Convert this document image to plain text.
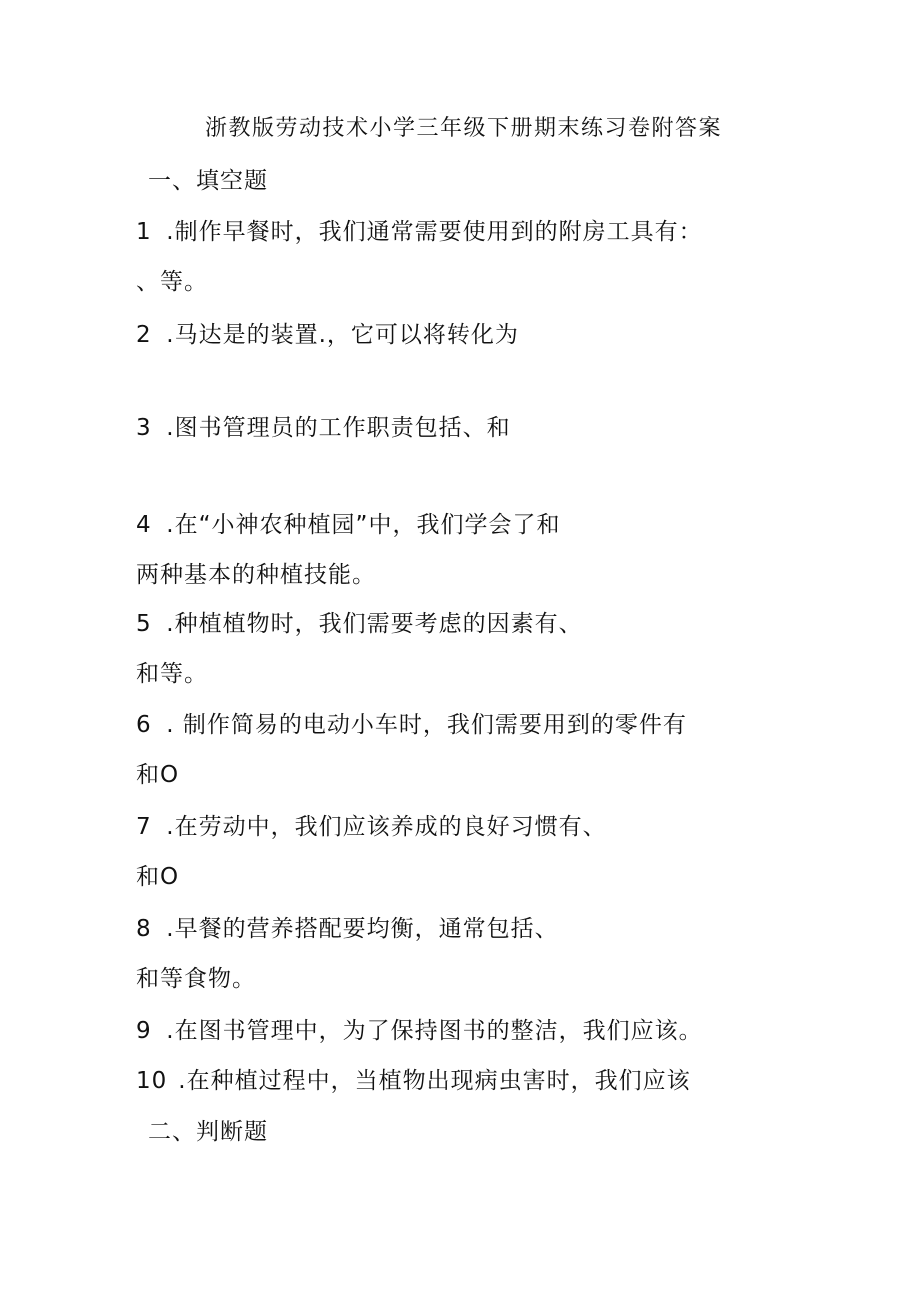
浙教版劳动技术小学三年级下册期末练习卷附答案
一、填空题
1 .制作早餐时，我们通常需要使用到的附房工具有：
、等。
2 .马达是的装置.，它可以将转化为
3 .图书管理员的工作职责包括、和
4 .在“小神农种植园”中，我们学会了和
两种基本的种植技能。
5 .种植植物时，我们需要考虑的因素有、
和等。
6 . 制作简易的电动小车时，我们需要用到的零件有
和O
7 .在劳动中，我们应该养成的良好习惯有、
和O
8 .早餐的营养搭配要均衡，通常包括、
和等食物。
9 .在图书管理中，为了保持图书的整洁，我们应该。
10 .在种植过程中，当植物出现病虫害时，我们应该
二、判断题
